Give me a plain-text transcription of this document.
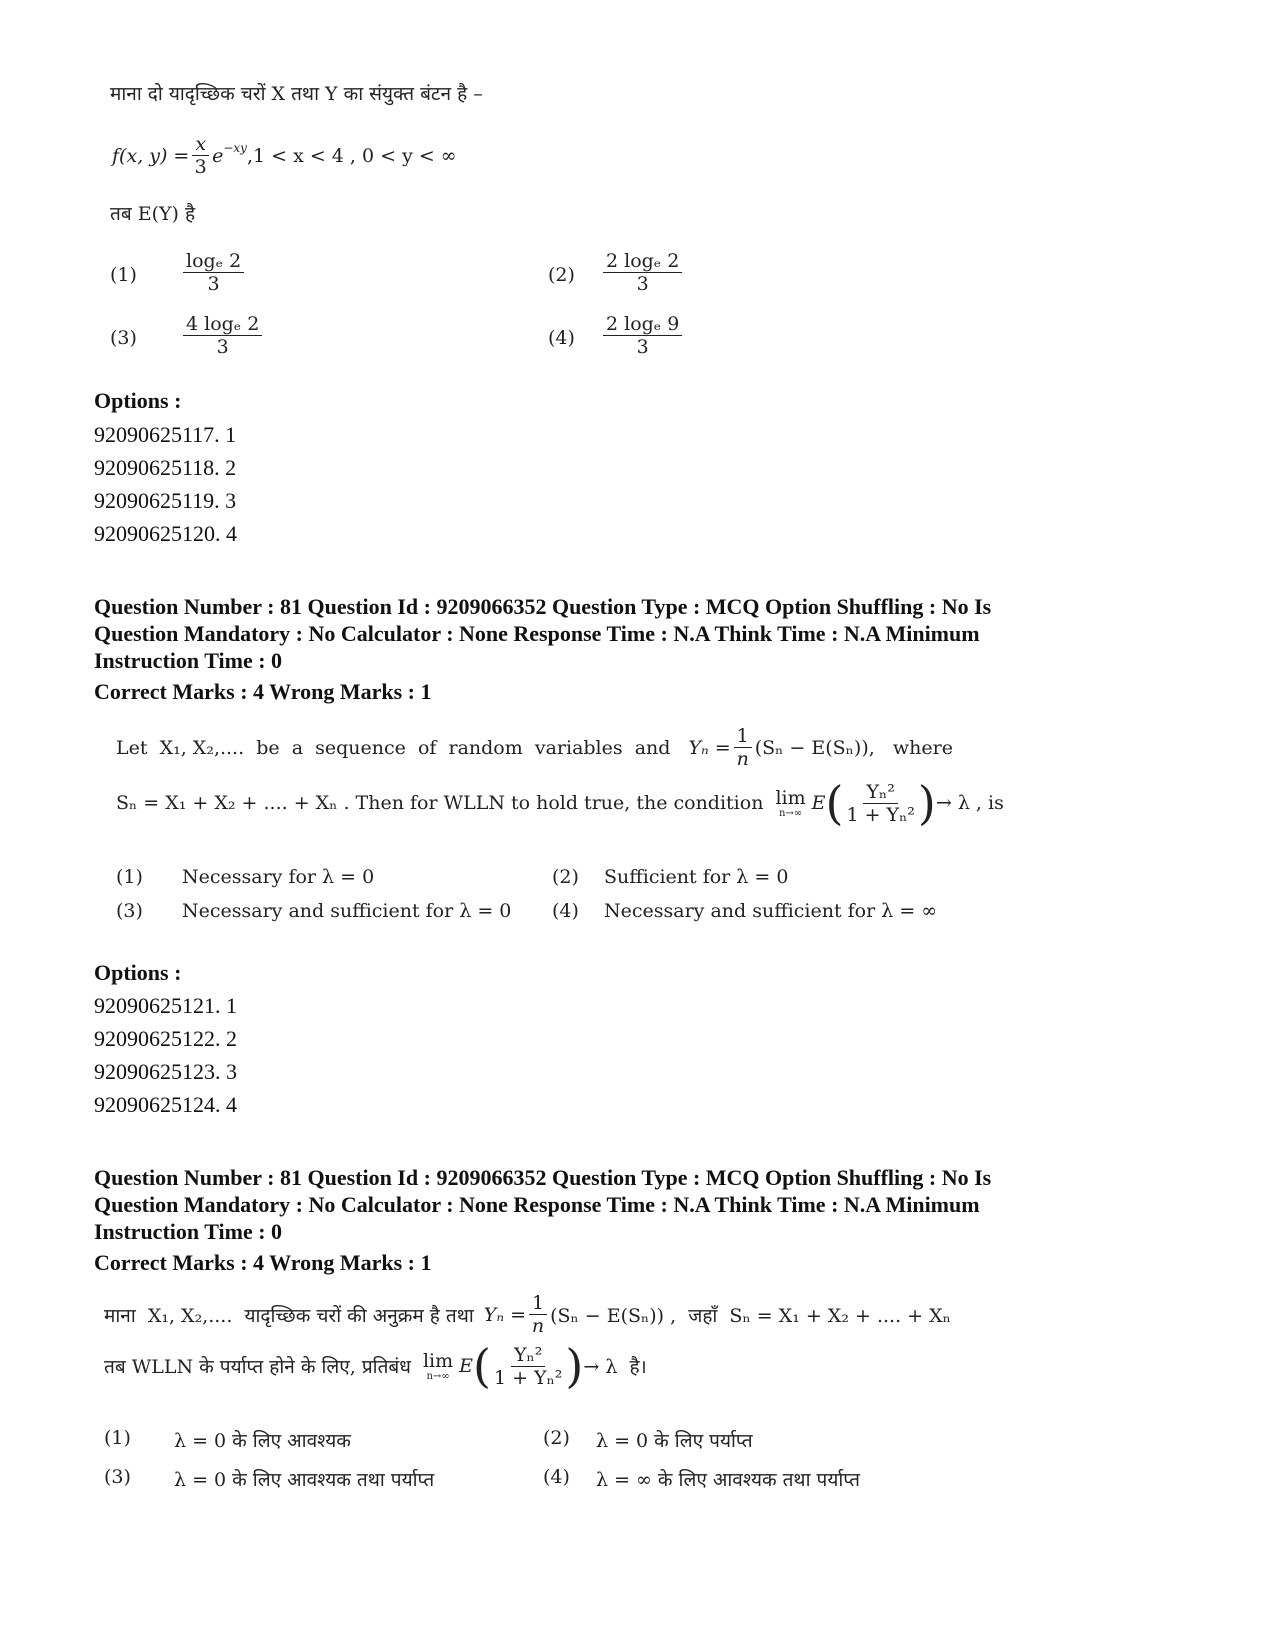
माना दो यादृच्छिक चरों X तथा Y का संयुक्त बंटन है –
f(x, $y) = \frac{x}{3}$ e −xy ,1 < x < 4 , 0 < y < ∞
तब E(Y) है
$(1) \frac{\text{logₑ 2}}{3}$	$(2) \frac{\text{2 logₑ 2}}{3}$
$(3) \frac{\text{4 logₑ 2}}{3}$	$(4) \frac{\text{2 logₑ 9}}{3}$
Options :
92090625117. 1
92090625118. 2
92090625119. 3
92090625120. 4
Question Number : 81 Question Id : 9209066352 Question Type : MCQ Option Shuffling : No Is
Question Mandatory : No Calculator : None Response Time : N.A Think Time : N.A Minimum
Instruction Time : 0
Correct Marks : 4 Wrong Marks : 1
Let  X₁, X₂,....  be  a  sequence  of  random  variables  and $Y_n = \frac{1}{n} (S_n - E(S_n))$,   where
Sₙ = X₁ + X₂ + .... + Xₙ . Then for WLLN to hold true, the condition lim
n→∞ E ( $\frac{\text{Yₙ²}}{\text{1 + Yₙ²}}$ ) → λ , is
(1) Necessary for λ = 0	(2) Sufficient for λ = 0
(3) Necessary and sufficient for λ = 0 (4) Necessary and sufficient for λ = ∞
Options :
92090625121. 1
92090625122. 2
92090625123. 3
92090625124. 4
Question Number : 81 Question Id : 9209066352 Question Type : MCQ Option Shuffling : No Is
Question Mandatory : No Calculator : None Response Time : N.A Think Time : N.A Minimum
Instruction Time : 0
Correct Marks : 4 Wrong Marks : 1
माना  X₁, X₂,....  यादृच्छिक चरों की अनुक्रम है तथा $Y_n = \frac{1}{n} (S_n - E(S_n))$ ,  जहाँ  Sₙ = X₁ + X₂ + .... + Xₙ
तब WLLN के पर्याप्त होने के लिए, प्रतिबंध lim
n→∞ E ( $\frac{\text{Yₙ²}}{\text{1 + Yₙ²}}$ ) → λ  है।
(1) λ = 0 के लिए आवश्यक	(2) λ = 0 के लिए पर्याप्त
(3) λ = 0 के लिए आवश्यक तथा पर्याप्त	(4) λ = ∞ के लिए आवश्यक तथा पर्याप्त
